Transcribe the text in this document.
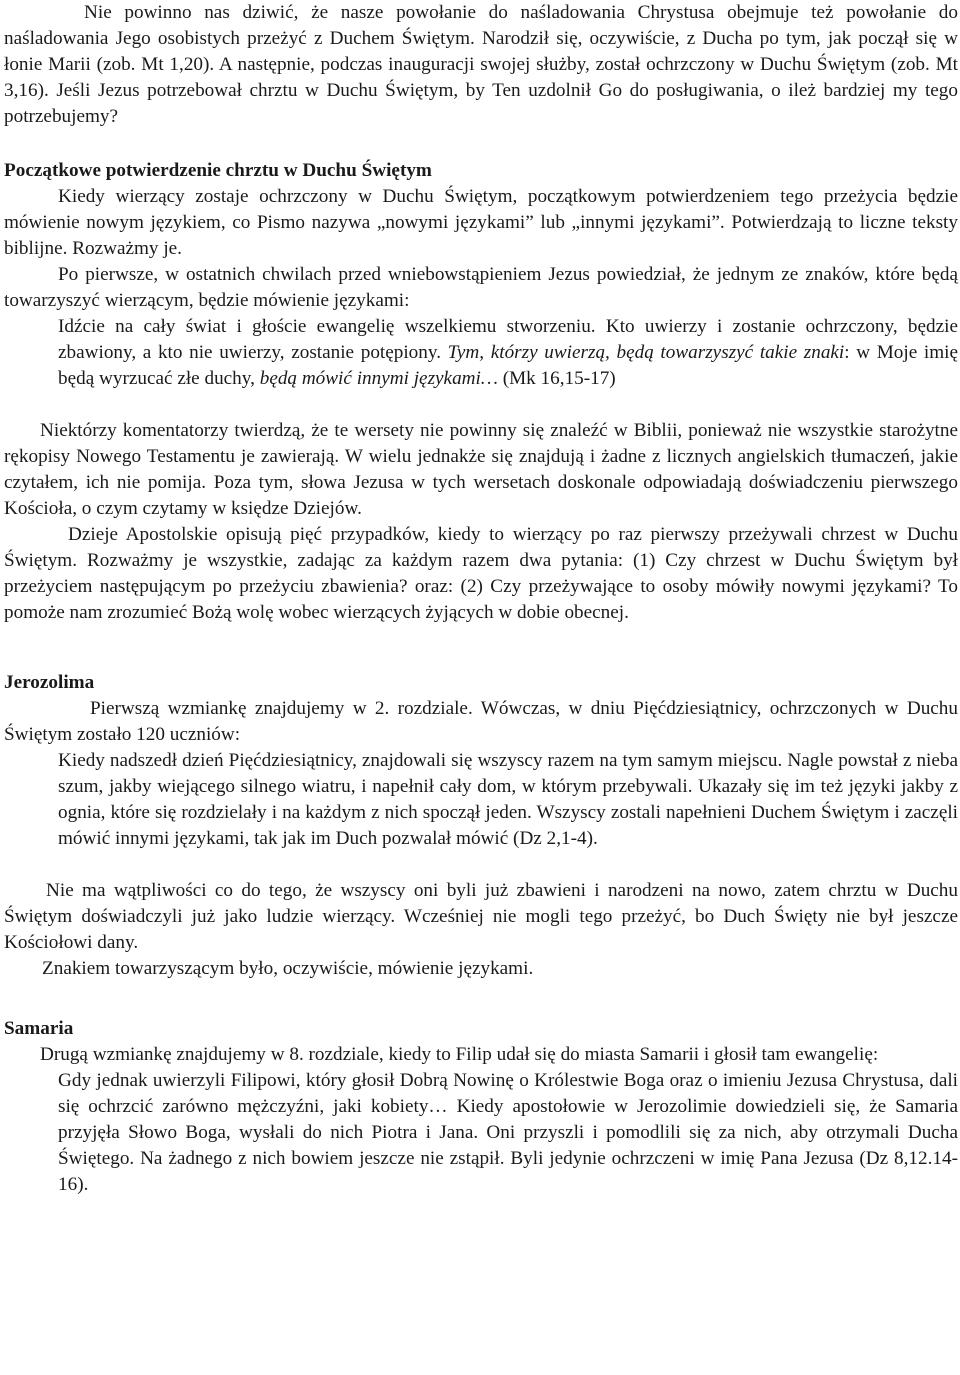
Nie powinno nas dziwić, że nasze powołanie do naśladowania Chrystusa obejmuje też powołanie do naśladowania Jego osobistych przeżyć z Duchem Świętym. Narodził się, oczywiście, z Ducha po tym, jak począł się w łonie Marii (zob. Mt 1,20). A następnie, podczas inauguracji swojej służby, został ochrzczony w Duchu Świętym (zob. Mt 3,16). Jeśli Jezus potrzebował chrztu w Duchu Świętym, by Ten uzdolnił Go do posługiwania, o ileż bardziej my tego potrzebujemy?

Początkowe potwierdzenie chrztu w Duchu Świętym

Kiedy wierzący zostaje ochrzczony w Duchu Świętym, początkowym potwierdzeniem tego przeżycia będzie mówienie nowym językiem, co Pismo nazywa „nowymi językami” lub „innymi językami”. Potwierdzają to liczne teksty biblijne. Rozważmy je.

Po pierwsze, w ostatnich chwilach przed wniebowstąpieniem Jezus powiedział, że jednym ze znaków, które będą towarzyszyć wierzącym, będzie mówienie językami:

Idźcie na cały świat i głoście ewangelię wszelkiemu stworzeniu. Kto uwierzy i zostanie ochrzczony, będzie zbawiony, a kto nie uwierzy, zostanie potępiony. Tym, którzy uwierzą, będą towarzyszyć takie znaki: w Moje imię będą wyrzucać złe duchy, będą mówić innymi językami… (Mk 16,15-17)

Niektórzy komentatorzy twierdzą, że te wersety nie powinny się znaleźć w Biblii, ponieważ nie wszystkie starożytne rękopisy Nowego Testamentu je zawierają. W wielu jednakże się znajdują i żadne z licznych angielskich tłumaczeń, jakie czytałem, ich nie pomija. Poza tym, słowa Jezusa w tych wersetach doskonale odpowiadają doświadczeniu pierwszego Kościoła, o czym czytamy w księdze Dziejów.

Dzieje Apostolskie opisują pięć przypadków, kiedy to wierzący po raz pierwszy przeżywali chrzest w Duchu Świętym. Rozważmy je wszystkie, zadając za każdym razem dwa pytania: (1) Czy chrzest w Duchu Świętym był przeżyciem następującym po przeżyciu zbawienia? oraz: (2) Czy przeżywające to osoby mówiły nowymi językami? To pomoże nam zrozumieć Bożą wolę wobec wierzących żyjących w dobie obecnej.

Jerozolima

Pierwszą wzmiankę znajdujemy w 2. rozdziale. Wówczas, w dniu Pięćdziesiątnicy, ochrzczonych w Duchu Świętym zostało 120 uczniów:

Kiedy nadszedł dzień Pięćdziesiątnicy, znajdowali się wszyscy razem na tym samym miejscu. Nagle powstał z nieba szum, jakby wiejącego silnego wiatru, i napełnił cały dom, w którym przebywali. Ukazały się im też języki jakby z ognia, które się rozdzielały i na każdym z nich spoczął jeden. Wszyscy zostali napełnieni Duchem Świętym i zaczęli mówić innymi językami, tak jak im Duch pozwalał mówić (Dz 2,1-4).

Nie ma wątpliwości co do tego, że wszyscy oni byli już zbawieni i narodzeni na nowo, zatem chrztu w Duchu Świętym doświadczyli już jako ludzie wierzący. Wcześniej nie mogli tego przeżyć, bo Duch Święty nie był jeszcze Kościołowi dany.

Znakiem towarzyszącym było, oczywiście, mówienie językami.

Samaria

Drugą wzmiankę znajdujemy w 8. rozdziale, kiedy to Filip udał się do miasta Samarii i głosił tam ewangelię:

Gdy jednak uwierzyli Filipowi, który głosił Dobrą Nowinę o Królestwie Boga oraz o imieniu Jezusa Chrystusa, dali się ochrzcić zarówno mężczyźni, jaki kobiety… Kiedy apostołowie w Jerozolimie dowiedzieli się, że Samaria przyjęła Słowo Boga, wysłali do nich Piotra i Jana. Oni przyszli i pomodlili się za nich, aby otrzymali Ducha Świętego. Na żadnego z nich bowiem jeszcze nie zstąpił. Byli jedynie ochrzczeni w imię Pana Jezusa (Dz 8,12.14-16).
